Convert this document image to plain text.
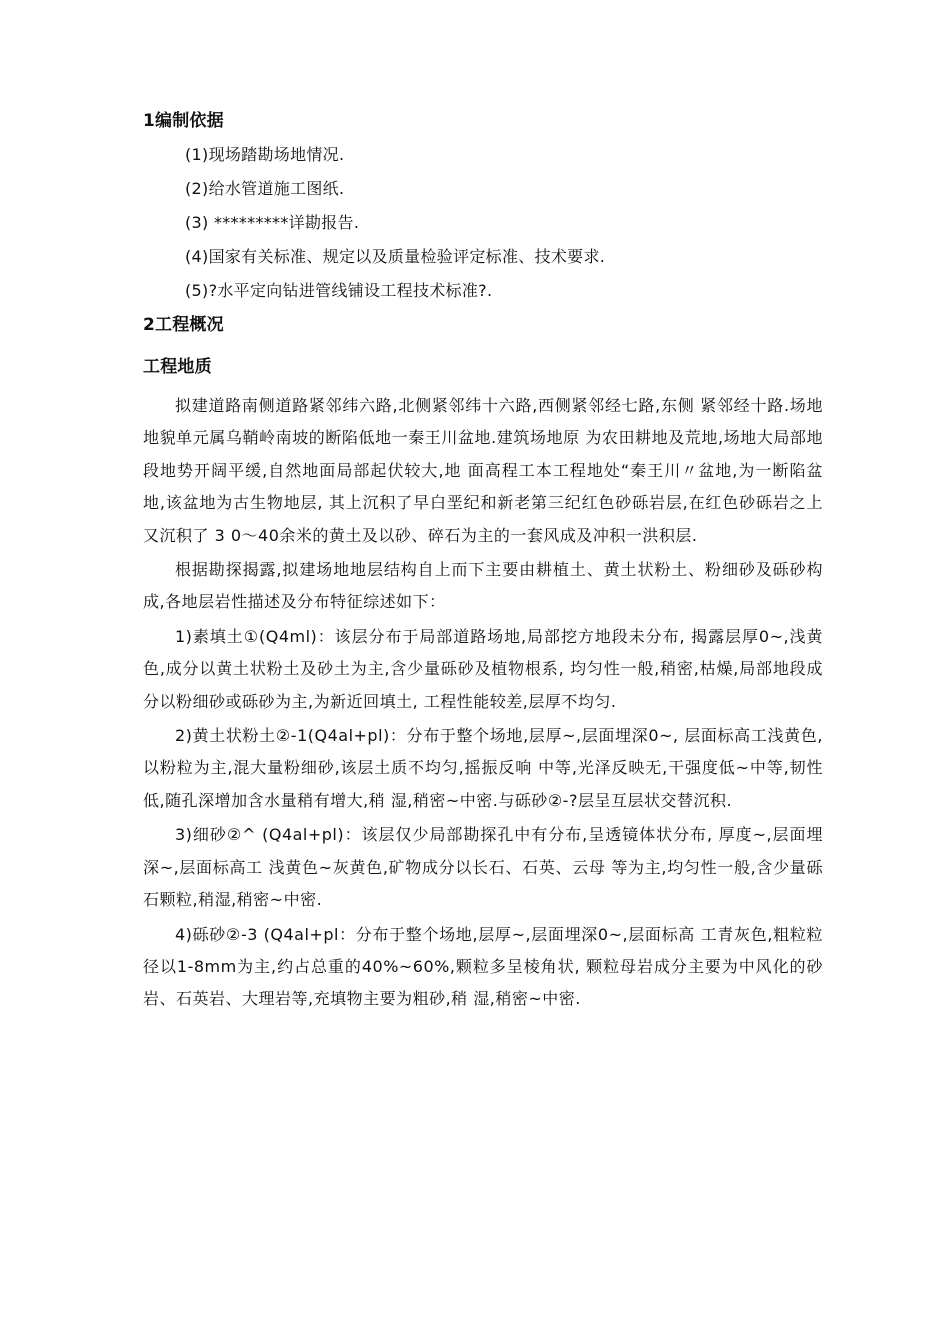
1编制依据

(1)现场踏勘场地情况.

(2)给水管道施工图纸.

(3) *********详勘报告.

(4)国家有关标准、规定以及质量检验评定标准、技术要求.

(5)?水平定向钻进管线铺设工程技术标准?.

2工程概况
工程地质

拟建道路南侧道路紧邻纬六路,北侧紧邻纬十六路,西侧紧邻经七路,东侧 紧邻经十路.场地地貌单元属乌鞘岭南坡的断陷低地一秦王川盆地.建筑场地原 为农田耕地及荒地,场地大局部地段地势开阔平缓,自然地面局部起伏较大,地 面高程工本工程地处“秦王川〃盆地,为一断陷盆地,该盆地为古生物地层, 其上沉积了早白垩纪和新老第三纪红色砂砾岩层,在红色砂砾岩之上又沉积了 3 0〜40余米的黄土及以砂、碎石为主的一套风成及冲积一洪积层.

根据勘探揭露,拟建场地地层结构自上而下主要由耕植土、黄土状粉土、粉细砂及砾砂构成,各地层岩性描述及分布特征综述如下：

1)素填土①(Q4ml)：该层分布于局部道路场地,局部挖方地段未分布, 揭露层厚0~,浅黄色,成分以黄土状粉土及砂土为主,含少量砾砂及植物根系, 均匀性一般,稍密,枯燥,局部地段成分以粉细砂或砾砂为主,为新近回填土, 工程性能较差,层厚不均匀.

2)黄土状粉土②-1(Q4al+pl)：分布于整个场地,层厚~,层面埋深0~, 层面标高工浅黄色,以粉粒为主,混大量粉细砂,该层土质不均匀,摇振反响 中等,光泽反映无,干强度低~中等,韧性低,随孔深增加含水量稍有增大,稍 湿,稍密~中密.与砾砂②-?层呈互层状交替沉积.

3)细砂②^ (Q4al+pl)：该层仅少局部勘探孔中有分布,呈透镜体状分布, 厚度~,层面埋深~,层面标高工 浅黄色~灰黄色,矿物成分以长石、石英、云母 等为主,均匀性一般,含少量砾石颗粒,稍湿,稍密~中密.

4)砾砂②-3 (Q4al+pl：分布于整个场地,层厚~,层面埋深0~,层面标高 工青灰色,粗粒粒径以1-8mm为主,约占总重的40%~60%,颗粒多呈棱角状, 颗粒母岩成分主要为中风化的砂岩、石英岩、大理岩等,充填物主要为粗砂,稍 湿,稍密~中密.
